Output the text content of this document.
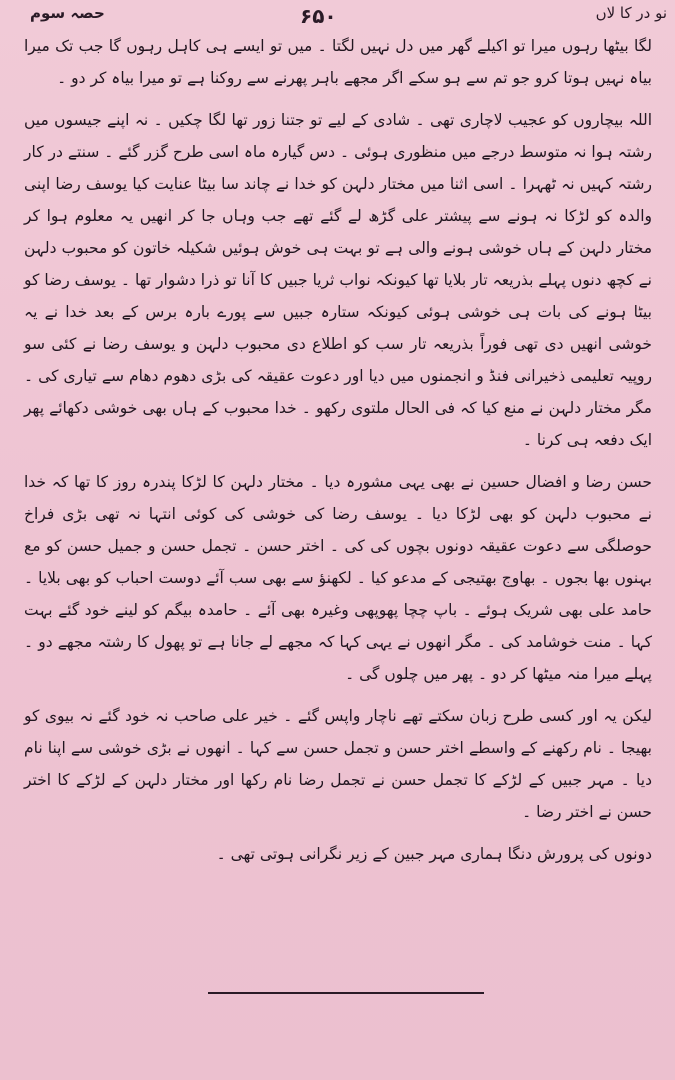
حصہ سوم	۶۵۰	نو در کا لاں

لگا بیٹھا رہوں میرا تو اکیلے گھر میں دل نہیں لگتا ۔ میں تو ایسے ہی کاہل رہوں گا جب تک میرا بیاہ نہیں ہوتا کرو جو تم سے ہو سکے اگر مجھے باہر پھرنے سے روکنا ہے تو میرا بیاہ کر دو ۔

اللہ بیچاروں کو عجیب لاچاری تھی ۔ شادی کے لیے تو جتنا زور تھا لگا چکیں ۔ نہ اپنے جیسوں میں رشتہ ہوا نہ متوسط درجے میں منظوری ہوئی ۔ دس گیارہ ماہ اسی طرح گزر گئے ۔ سنتے در کار رشتہ کہیں نہ ٹھہرا ۔ اسی اثنا میں مختار دلہن کو خدا نے چاند سا بیٹا عنایت کیا یوسف رضا اپنی والدہ کو لڑکا نہ ہونے سے پیشتر علی گڑھ لے گئے تھے جب وہاں جا کر انھیں یہ معلوم ہوا کر مختار دلہن کے ہاں خوشی ہونے والی ہے تو بہت ہی خوش ہوئیں شکیلہ خاتون کو محبوب دلہن نے کچھ دنوں پہلے بذریعہ تار بلایا تھا کیونکہ نواب ثریا جبیں کا آنا تو ذرا دشوار تھا ۔ یوسف رضا کو بیٹا ہونے کی بات ہی خوشی ہوئی کیونکہ ستارہ جبیں سے پورے بارہ برس کے بعد خدا نے یہ خوشی انھیں دی تھی فوراً بذریعہ تار سب کو اطلاع دی محبوب دلہن و یوسف رضا نے کئی سو روپیہ تعلیمی ذخیرانی فنڈ و انجمنوں میں دیا اور دعوت عقیقہ کی بڑی دھوم دھام سے تیاری کی ۔ مگر مختار دلہن نے منع کیا کہ فی الحال ملتوی رکھو ۔ خدا محبوب کے ہاں بھی خوشی دکھائے پھر ایک دفعہ ہی کرنا ۔

حسن رضا و افضال حسین نے بھی یہی مشورہ دیا ۔ مختار دلہن کا لڑکا پندرہ روز کا تھا کہ خدا نے محبوب دلہن کو بھی لڑکا دیا ۔ یوسف رضا کی خوشی کی کوئی انتہا نہ تھی بڑی فراخ حوصلگی سے دعوت عقیقہ دونوں بچوں کی کی ۔ اختر حسن ۔ تجمل حسن و جمیل حسن کو مع بہنوں بھا بجوں ۔ بھاوج بھتیجی کے مدعو کیا ۔ لکھنؤ سے بھی سب آئے دوست احباب کو بھی بلایا ۔ حامد علی بھی شریک ہوئے ۔ باپ چچا پھوپھی وغیرہ بھی آئے ۔ حامدہ بیگم کو لینے خود گئے بہت کہا ۔ منت خوشامد کی ۔ مگر انھوں نے یہی کہا کہ مجھے لے جانا ہے تو پھول کا رشتہ مجھے دو ۔ پہلے میرا منہ میٹھا کر دو ۔ پھر میں چلوں گی ۔

لیکن یہ اور کسی طرح زبان سکتے تھے ناچار واپس گئے ۔ خیر علی صاحب نہ خود گئے نہ بیوی کو بھیجا ۔ نام رکھنے کے واسطے اختر حسن و تجمل حسن سے کہا ۔ انھوں نے بڑی خوشی سے اپنا نام دیا ۔ مہر جبیں کے لڑکے کا تجمل حسن نے تجمل رضا نام رکھا اور مختار دلہن کے لڑکے کا اختر حسن نے اختر رضا ۔

دونوں کی پرورش دنگا ہماری مہر جبین کے زیر نگرانی ہوتی تھی ۔
